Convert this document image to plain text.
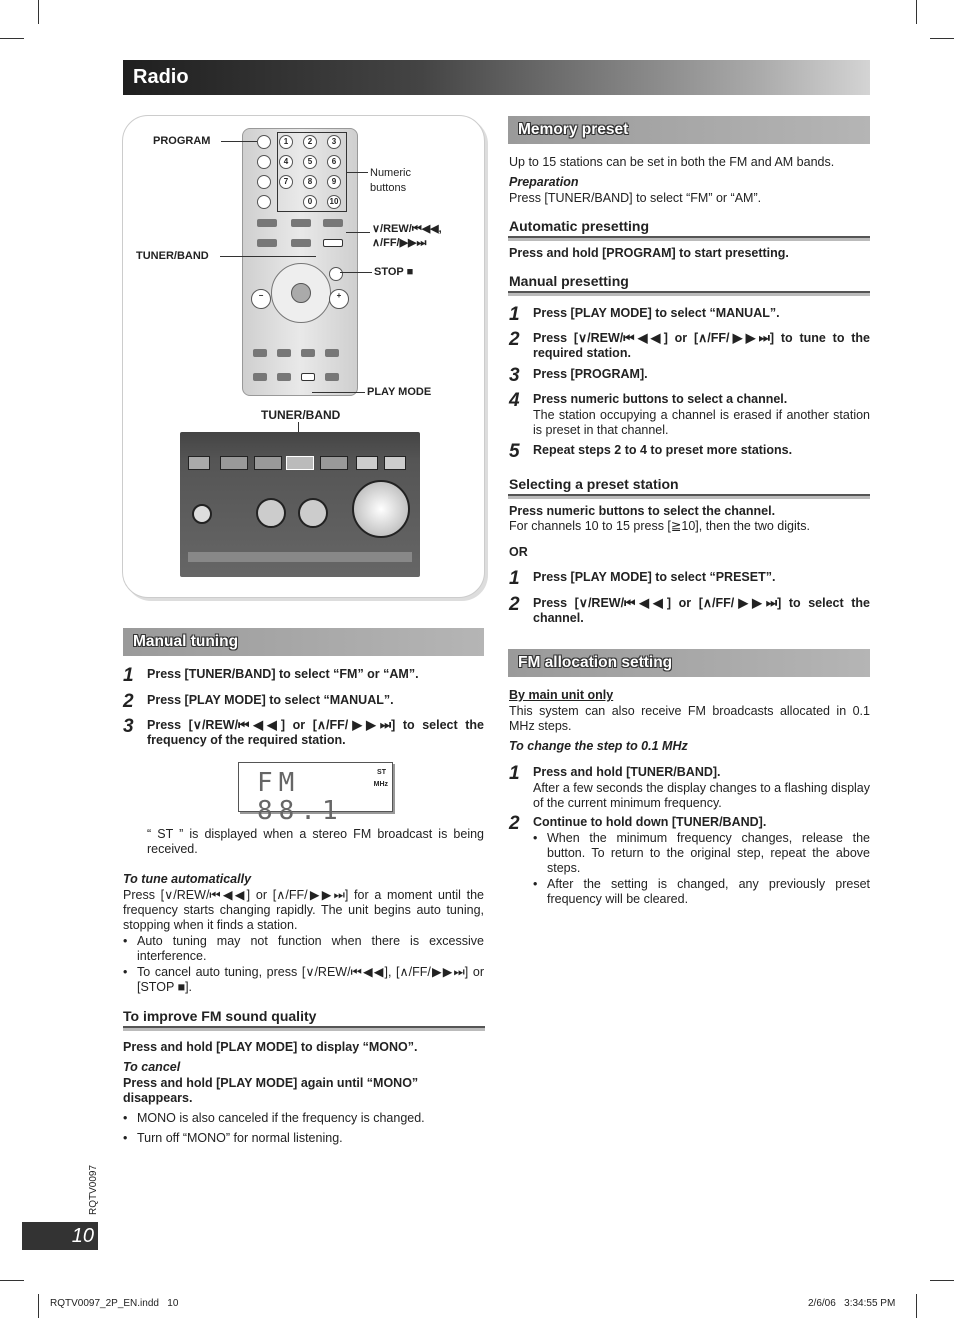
Radio
1	2	3
4	5	6
7	8	9
0	10
−	+
PROGRAM
TUNER/BAND
Numeric buttons
∨/REW/⏮◀◀,
∧/FF/▶▶⏭
STOP ■
PLAY MODE
TUNER/BAND
Manual tuning
1 Press [TUNER/BAND] to select “FM” or “AM”.
2 Press [PLAY MODE] to select “MANUAL”.
3 Press [∨/REW/⏮◀◀] or [∧/FF/▶▶⏭] to select the frequency of the required station.
FM 88.1
ST
MHz
“ ST ” is displayed when a stereo FM broadcast is being received.
To tune automatically
Press [∨/REW/⏮◀◀] or [∧/FF/▶▶⏭] for a moment until the frequency starts changing rapidly. The unit begins auto tuning, stopping when it finds a station.
• Auto tuning may not function when there is excessive interference.
• To cancel auto tuning, press [∨/REW/⏮◀◀], [∧/FF/▶▶⏭] or [STOP ■].
To improve FM sound quality
Press and hold [PLAY MODE] to display “MONO”.
To cancel
Press and hold [PLAY MODE] again until “MONO” disappears.
• MONO is also canceled if the frequency is changed.
• Turn off “MONO” for normal listening.
Memory preset
Up to 15 stations can be set in both the FM and AM bands.
Preparation
Press [TUNER/BAND] to select “FM” or “AM”.
Automatic presetting
Press and hold [PROGRAM] to start presetting.
Manual presetting
1 Press [PLAY MODE] to select “MANUAL”.
2 Press [∨/REW/⏮◀◀] or [∧/FF/▶▶⏭] to tune to the required station.
3 Press [PROGRAM].
4 Press numeric buttons to select a channel.
The station occupying a channel is erased if another station is preset in that channel.
5 Repeat steps 2 to 4 to preset more stations.
Selecting a preset station
Press numeric buttons to select the channel.
For channels 10 to 15 press [≧10], then the two digits.
OR
1 Press [PLAY MODE] to select “PRESET”.
2 Press [∨/REW/⏮◀◀] or [∧/FF/▶▶⏭] to select the channel.
FM allocation setting
By main unit only
This system can also receive FM broadcasts allocated in 0.1 MHz steps.
To change the step to 0.1 MHz
1 Press and hold [TUNER/BAND].
After a few seconds the display changes to a flashing display of the current minimum frequency.
2 Continue to hold down [TUNER/BAND].
• When the minimum frequency changes, release the button. To return to the original step, repeat the above steps.
• After the setting is changed, any previously preset frequency will be cleared.
RQTV0097
10
RQTV0097_2P_EN.indd   10	2/6/06   3:34:55 PM
